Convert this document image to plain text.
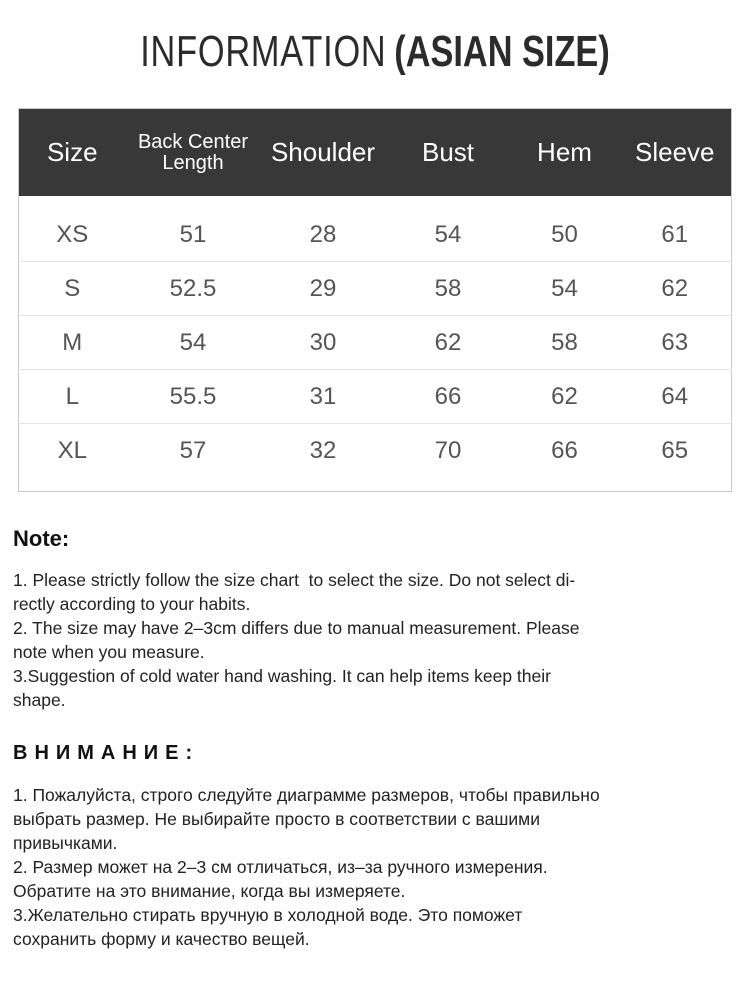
INFORMATION (ASIAN SIZE)
Size	Back Center Length	Shoulder	Bust	Hem	Sleeve
XS	51	28	54	50	61
S	52.5	29	58	54	62
M	54	30	62	58	63
L	55.5	31	66	62	64
XL	57	32	70	66	65
Note:
1. Please strictly follow the size chart  to select the size. Do not select di-
rectly according to your habits.
2. The size may have 2–3cm differs due to manual measurement. Please
note when you measure.
3.Suggestion of cold water hand washing. It can help items keep their
shape.
ВНИМАНИЕ:
1. Пожалуйста, строго следуйте диаграмме размеров, чтобы правильно
выбрать размер. Не выбирайте просто в соответствии с вашими
привычками.
2. Размер может на 2–3 см отличаться, из–за ручного измерения.
Обратите на это внимание, когда вы измеряете.
3.Желательно стирать вручную в холодной воде. Это поможет
сохранить форму и качество вещей.
